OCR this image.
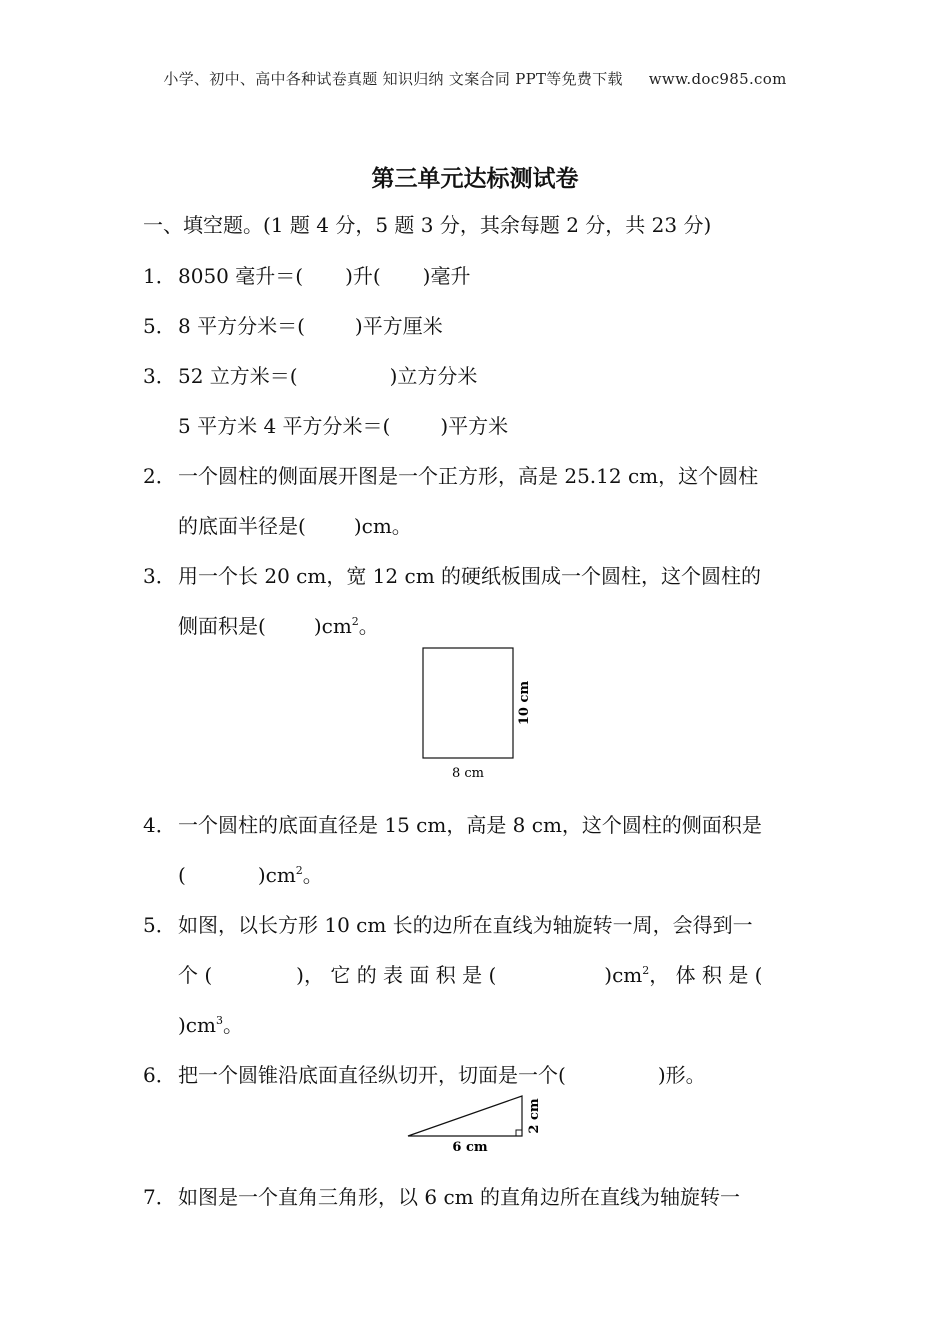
小学、初中、高中各种试卷真题 知识归纳 文案合同 PPT等免费下载 www.doc985.com
第三单元达标测试卷
一、填空题。(1 题 4 分，5 题 3 分，其余每题 2 分，共 23 分)
1． 8050 毫升＝( )升( )毫升
5． 8 平方分米＝(	)平方厘米
3． 52 立方米＝(	)立方分米
5 平方米 4 平方分米＝(	)平方米
2． 一个圆柱的侧面展开图是一个正方形，高是 25.12 cm，这个圆柱
的底面半径是( )cm。
3． 用一个长 20 cm，宽 12 cm 的硬纸板围成一个圆柱，这个圆柱的
侧面积是( )$cm^2$。
8 cm
10 cm
4． 一个圆柱的底面直径是 15 cm，高是 8 cm，这个圆柱的侧面积是
(	)$cm^2$。
5． 如图，以长方形 10 cm 长的边所在直线为轴旋转一周，会得到一
个 (	)， 它 的 表 面 积 是 (	)$cm^2$， 体 积 是 (
)$cm^3$。
6． 把一个圆锥沿底面直径纵切开，切面是一个(	)形。
6 cm
2 cm
7． 如图是一个直角三角形，以 6 cm 的直角边所在直线为轴旋转一
